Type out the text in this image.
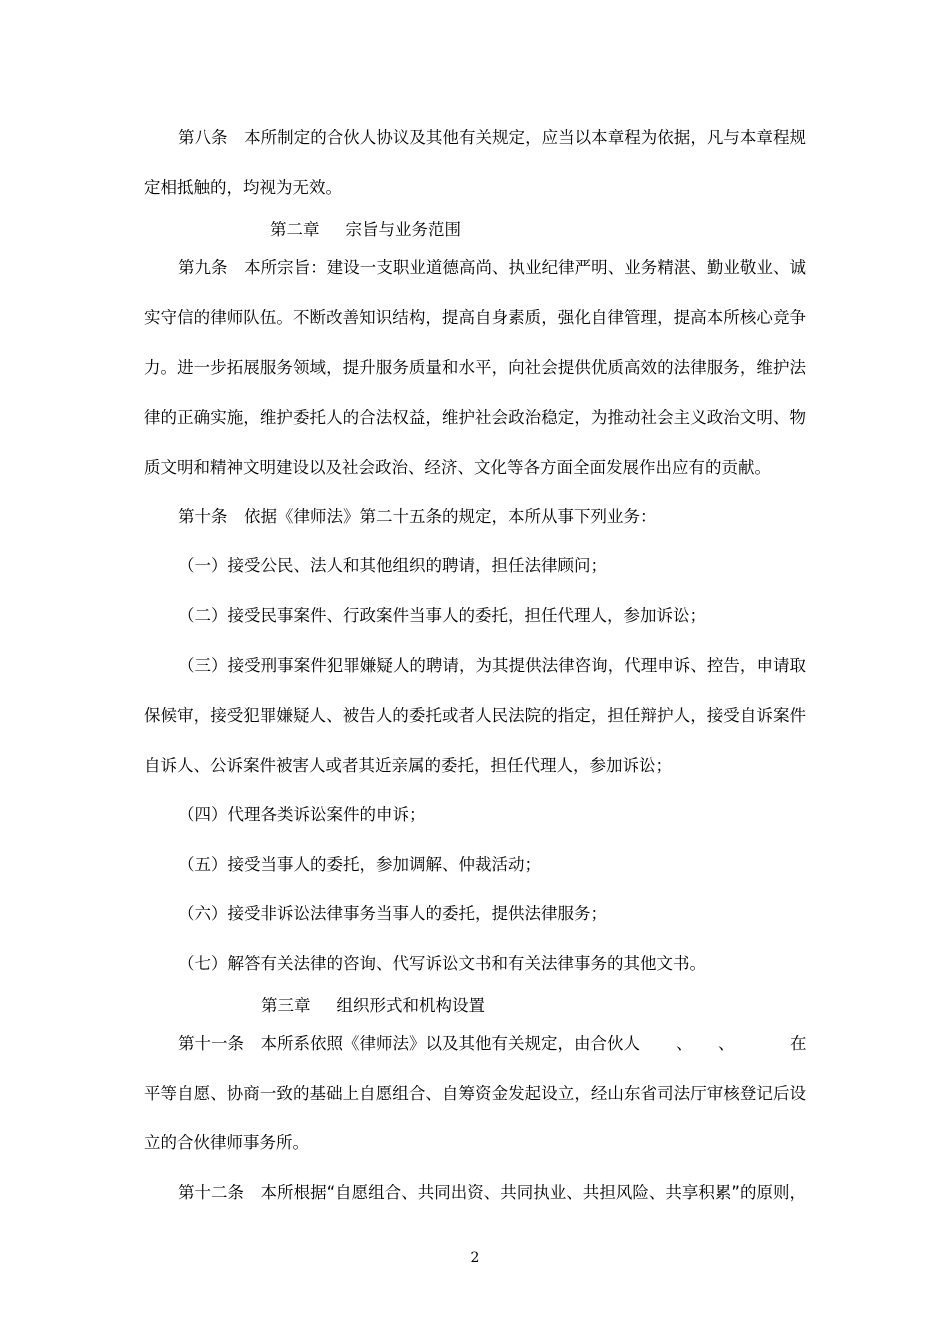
第八条　本所制定的合伙人协议及其他有关规定，应当以本章程为依据，凡与本章程规
定相抵触的，均视为无效。
第二章 宗旨与业务范围
第九条　本所宗旨：建设一支职业道德高尚、执业纪律严明、业务精湛、勤业敬业、诚
实守信的律师队伍。不断改善知识结构，提高自身素质，强化自律管理，提高本所核心竞争
力。进一步拓展服务领域，提升服务质量和水平，向社会提供优质高效的法律服务，维护法
律的正确实施，维护委托人的合法权益，维护社会政治稳定，为推动社会主义政治文明、物
质文明和精神文明建设以及社会政治、经济、文化等各方面全面发展作出应有的贡献。
第十条　依据《律师法》第二十五条的规定，本所从事下列业务：
（一）接受公民、法人和其他组织的聘请，担任法律顾问；
（二）接受民事案件、行政案件当事人的委托，担任代理人，参加诉讼；
（三）接受刑事案件犯罪嫌疑人的聘请，为其提供法律咨询，代理申诉、控告，申请取
保候审，接受犯罪嫌疑人、被告人的委托或者人民法院的指定，担任辩护人，接受自诉案件
自诉人、公诉案件被害人或者其近亲属的委托，担任代理人，参加诉讼；
（四）代理各类诉讼案件的申诉；
（五）接受当事人的委托，参加调解、仲裁活动；
（六）接受非诉讼法律事务当事人的委托，提供法律服务；
（七）解答有关法律的咨询、代写诉讼文书和有关法律事务的其他文书。
第三章 组织形式和机构设置
第十一条　本所系依照《律师法》以及其他有关规定，由合伙人 、 、	在
平等自愿、协商一致的基础上自愿组合、自筹资金发起设立，经山东省司法厅审核登记后设
立的合伙律师事务所。
第十二条　本所根据“自愿组合、共同出资、共同执业、共担风险、共享积累”的原则，
2
